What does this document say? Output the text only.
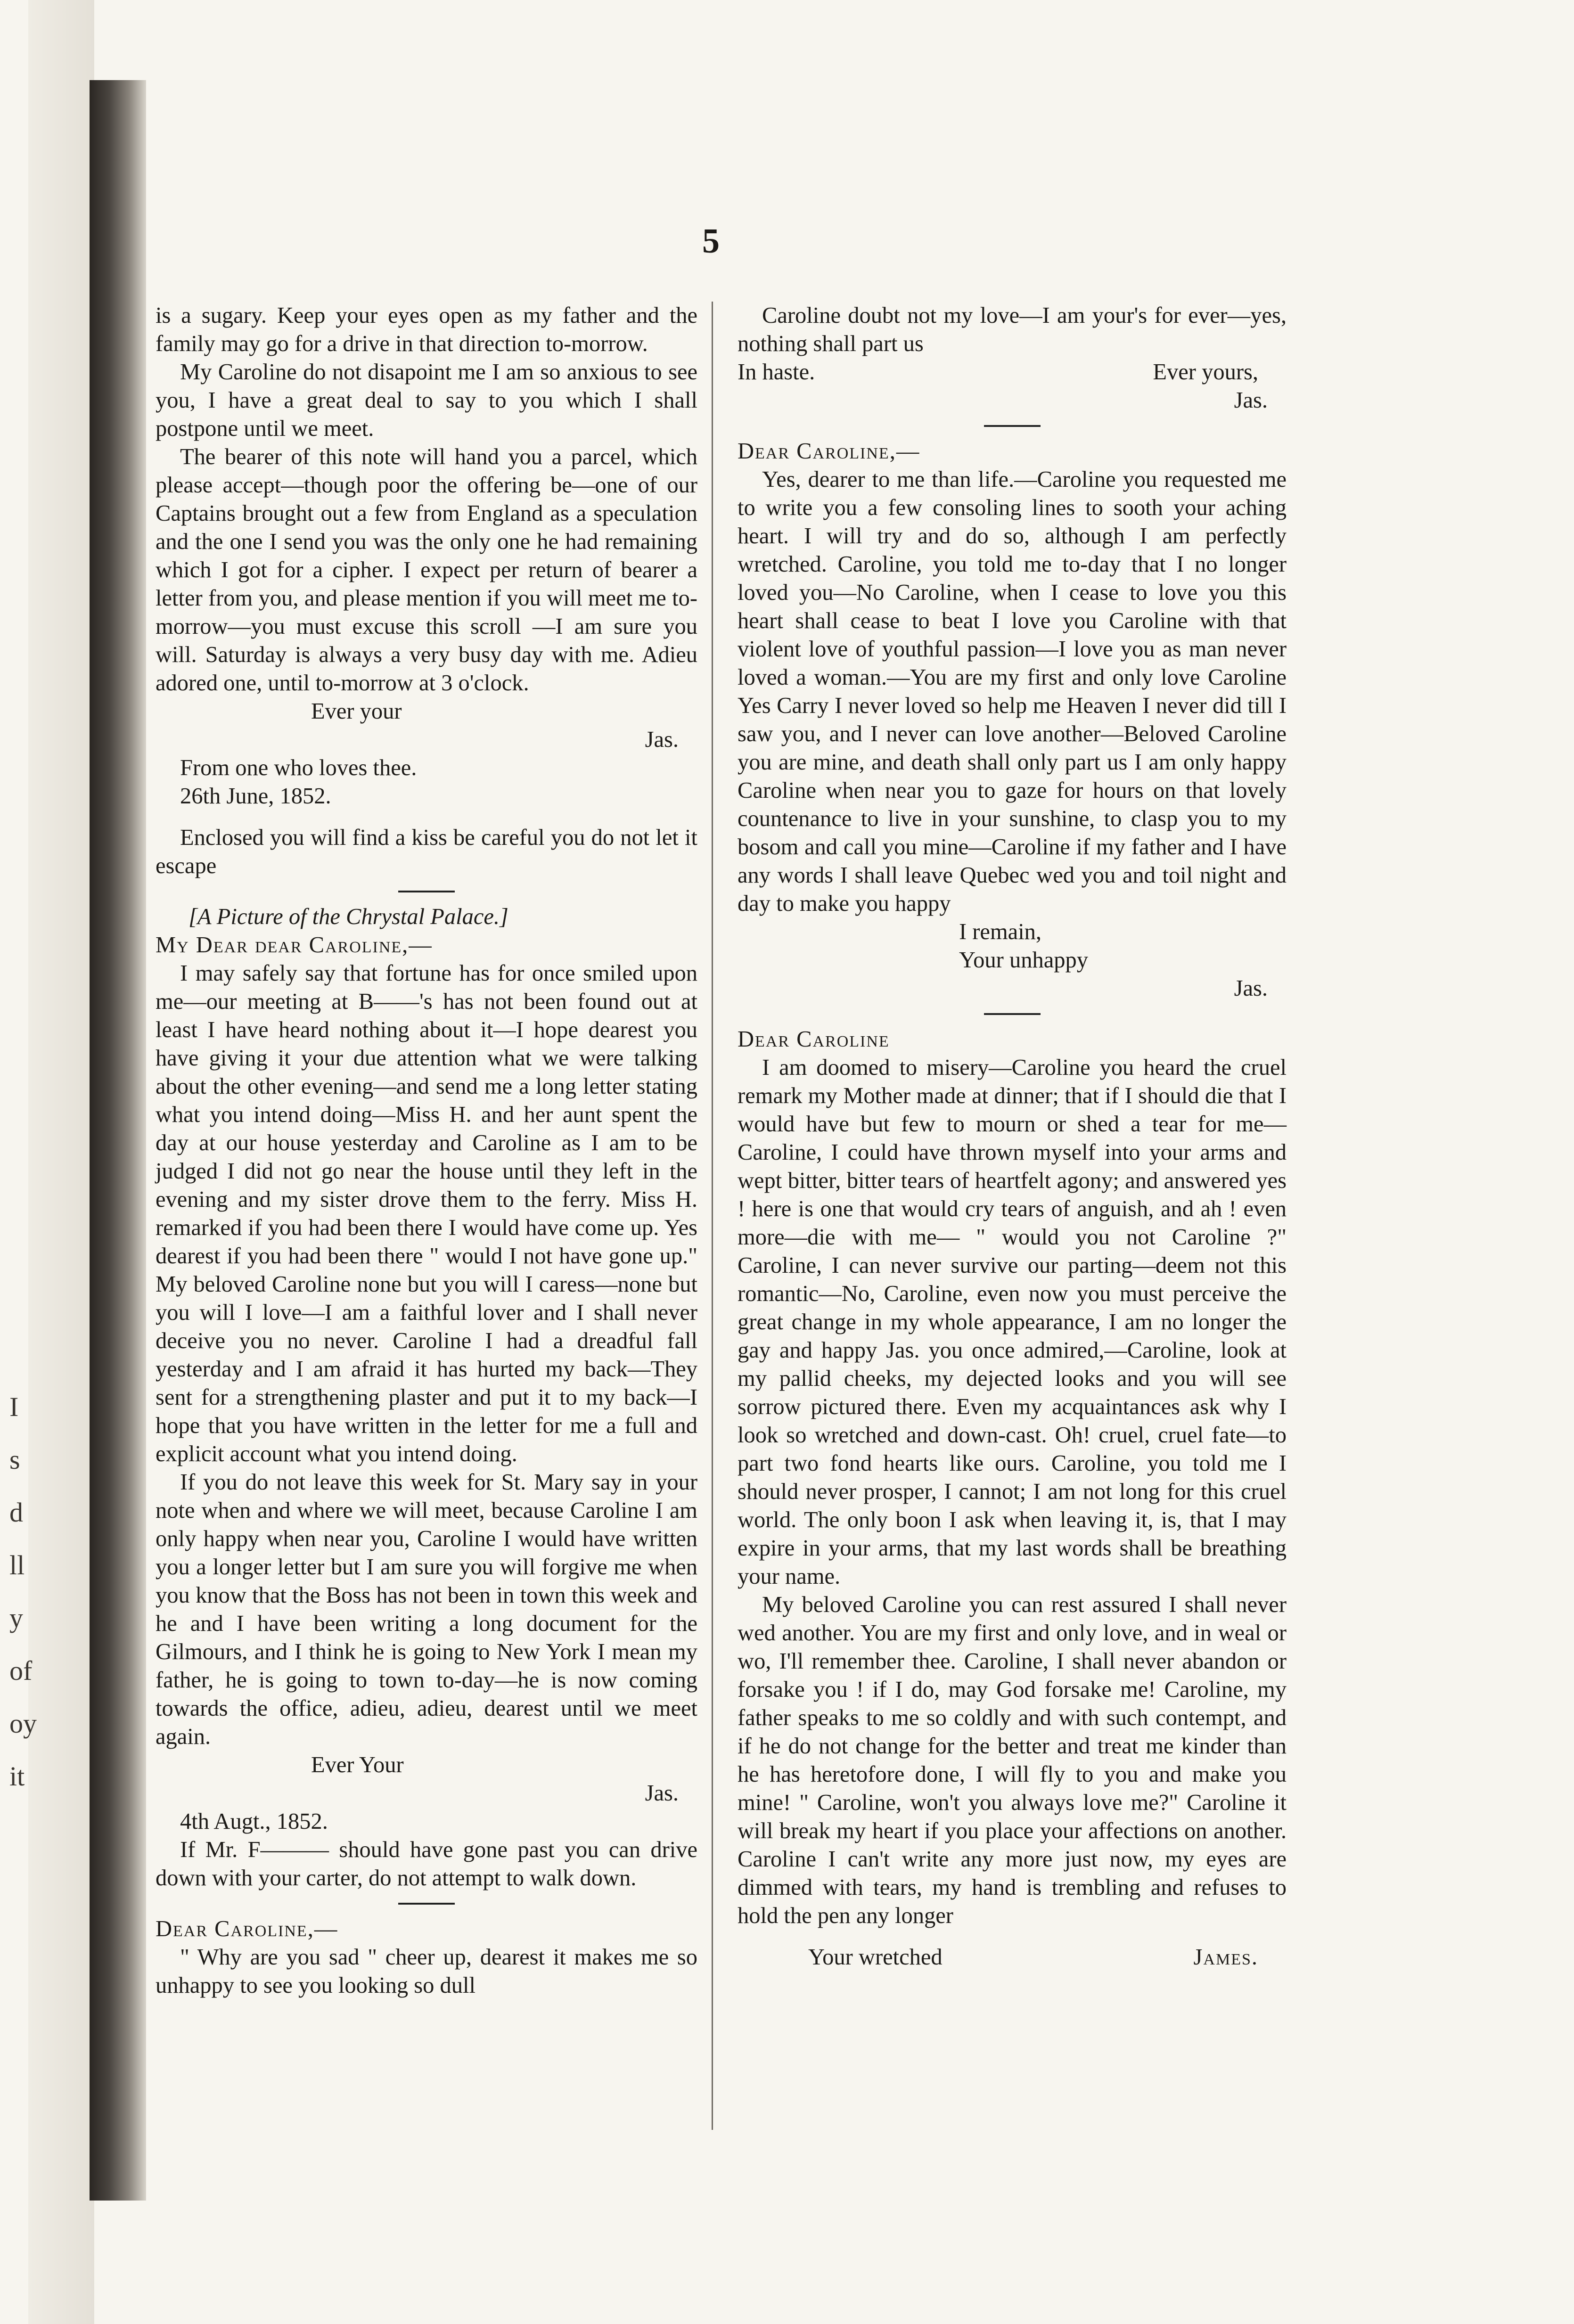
I
s
d
ll
y
of
oy
it
5

is a sugary. Keep your eyes open as my father and the family may go for a drive in that direction to-morrow.

My Caroline do not disapoint me I am so anxious to see you, I have a great deal to say to you which I shall postpone until we meet.

The bearer of this note will hand you a parcel, which please accept—though poor the offering be—one of our Captains brought out a few from England as a speculation and the one I send you was the only one he had remaining which I got for a cipher. I expect per return of bearer a letter from you, and please mention if you will meet me to-morrow—you must excuse this scroll —I am sure you will. Saturday is always a very busy day with me. Adieu adored one, until to-morrow at 3 o'clock.

Ever your

Jas.

From one who loves thee.

26th June, 1852.

Enclosed you will find a kiss be careful you do not let it escape

[A Picture of the Chrystal Palace.]

My Dear dear Caroline,—

I may safely say that fortune has for once smiled upon me—our meeting at B——'s has not been found out at least I have heard nothing about it—I hope dearest you have giving it your due attention what we were talking about the other evening—and send me a long letter stating what you intend doing—Miss H. and her aunt spent the day at our house yesterday and Caroline as I am to be judged I did not go near the house until they left in the evening and my sister drove them to the ferry. Miss H. remarked if you had been there I would have come up. Yes dearest if you had been there " would I not have gone up." My beloved Caroline none but you will I caress—none but you will I love—I am a faithful lover and I shall never deceive you no never. Caroline I had a dreadful fall yesterday and I am afraid it has hurted my back—They sent for a strengthening plaster and put it to my back—I hope that you have written in the letter for me a full and explicit account what you intend doing.

If you do not leave this week for St. Mary say in your note when and where we will meet, because Caroline I am only happy when near you, Caroline I would have written you a longer letter but I am sure you will forgive me when you know that the Boss has not been in town this week and he and I have been writing a long document for the Gilmours, and I think he is going to New York I mean my father, he is going to town to-day—he is now coming towards the office, adieu, adieu, dearest until we meet again.

Ever Your

Jas.

4th Augt., 1852.

If Mr. F——— should have gone past you can drive down with your carter, do not attempt to walk down.

Dear Caroline,—

" Why are you sad " cheer up, dearest it makes me so unhappy to see you looking so dull

Caroline doubt not my love—I am your's for ever—yes, nothing shall part us

In haste.	Ever yours,

Jas.

Dear Caroline,—

Yes, dearer to me than life.—Caroline you requested me to write you a few consoling lines to sooth your aching heart. I will try and do so, although I am perfectly wretched. Caroline, you told me to-day that I no longer loved you—No Caroline, when I cease to love you this heart shall cease to beat I love you Caroline with that violent love of youthful passion—I love you as man never loved a woman.—You are my first and only love Caroline Yes Carry I never loved so help me Heaven I never did till I saw you, and I never can love another—Beloved Caroline you are mine, and death shall only part us I am only happy Caroline when near you to gaze for hours on that lovely countenance to live in your sunshine, to clasp you to my bosom and call you mine—Caroline if my father and I have any words I shall leave Quebec wed you and toil night and day to make you happy

I remain,

Your unhappy

Jas.

Dear Caroline

I am doomed to misery—Caroline you heard the cruel remark my Mother made at dinner; that if I should die that I would have but few to mourn or shed a tear for me—Caroline, I could have thrown myself into your arms and wept bitter, bitter tears of heartfelt agony; and answered yes ! here is one that would cry tears of anguish, and ah ! even more—die with me— " would you not Caroline ?" Caroline, I can never survive our parting—deem not this romantic—No, Caroline, even now you must perceive the great change in my whole appearance, I am no longer the gay and happy Jas. you once admired,—Caroline, look at my pallid cheeks, my dejected looks and you will see sorrow pictured there. Even my acquaintances ask why I look so wretched and down-cast. Oh! cruel, cruel fate—to part two fond hearts like ours. Caroline, you told me I should never prosper, I cannot; I am not long for this cruel world. The only boon I ask when leaving it, is, that I may expire in your arms, that my last words shall be breathing your name.

My beloved Caroline you can rest assured I shall never wed another. You are my first and only love, and in weal or wo, I'll remember thee. Caroline, I shall never abandon or forsake you ! if I do, may God forsake me! Caroline, my father speaks to me so coldly and with such contempt, and if he do not change for the better and treat me kinder than he has heretofore done, I will fly to you and make you mine! " Caroline, won't you always love me?" Caroline it will break my heart if you place your affections on another. Caroline I can't write any more just now, my eyes are dimmed with tears, my hand is trembling and refuses to hold the pen any longer

Your wretched	James.
